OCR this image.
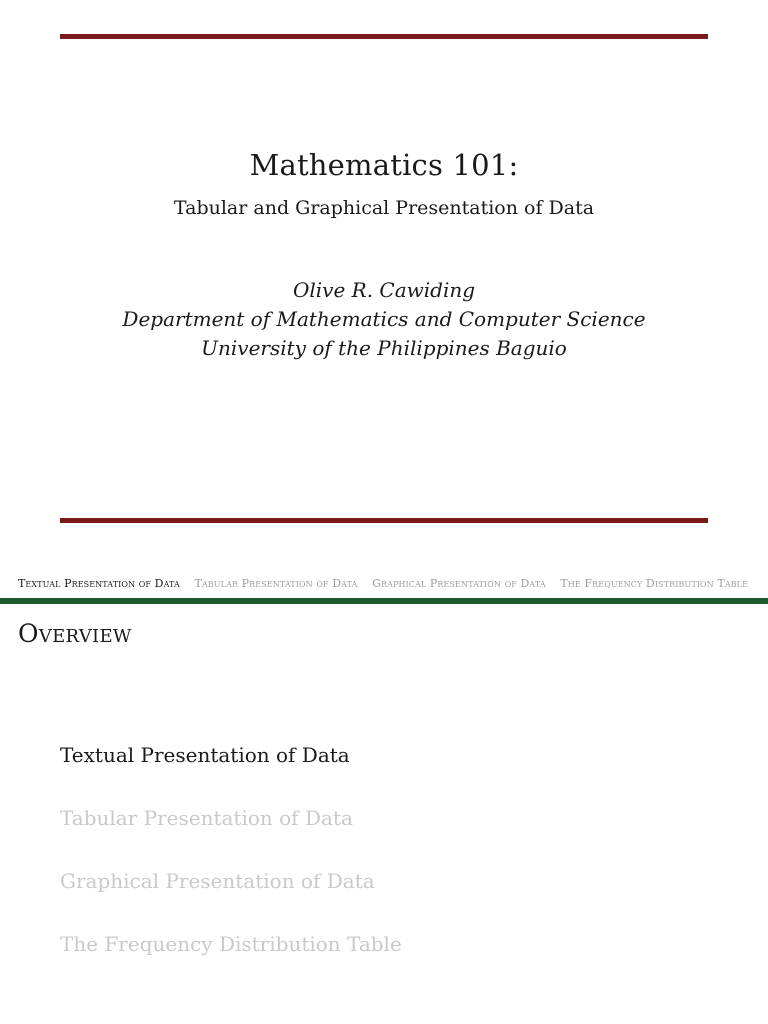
Mathematics 101:
Tabular and Graphical Presentation of Data
Olive R. Cawiding
Department of Mathematics and Computer Science
University of the Philippines Baguio
Textual Presentation of Data Tabular Presentation of Data Graphical Presentation of Data The Frequency Distribution Table
Overview
Textual Presentation of Data
Tabular Presentation of Data
Graphical Presentation of Data
The Frequency Distribution Table
